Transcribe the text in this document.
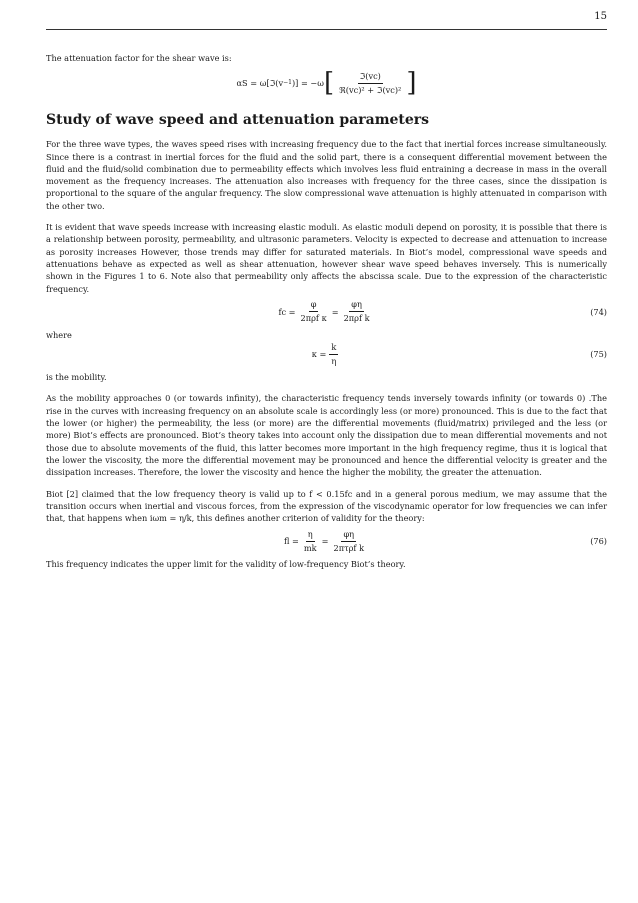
15

The attenuation factor for the shear wave is:

αS = ω[ℑ(v −1 )] = −ω [ $\frac{\text{ℑ(vc)}}{\text{ℜ(vc)² + ℑ(vc)²}}$ ]
Study of wave speed and attenuation parameters

For the three wave types, the waves speed rises with increasing frequency due to the fact that inertial forces increase simultaneously. Since there is a contrast in inertial forces for the fluid and the solid part, there is a consequent differential movement between the fluid and the fluid/solid combination due to permeability effects which involves less fluid entraining a decrease in mass in the overall movement as the frequency increases. The attenuation also increases with frequency for the three cases, since the dissipation is proportional to the square of the angular frequency. The slow compressional wave attenuation is highly attenuated in comparison with the other two.

It is evident that wave speeds increase with increasing elastic moduli. As elastic moduli depend on porosity, it is possible that there is a relationship between porosity, permeability, and ultrasonic parameters. Velocity is expected to decrease and attenuation to increase as porosity increases However, those trends may differ for saturated materials. In Biot’s model, compressional wave speeds and attenuations behave as expected as well as shear attenuation, however shear wave speed behaves inversely. This is numerically shown in the Figures 1 to 6. Note also that permeability only affects the abscissa scale. Due to the expression of the characteristic frequency.

fc = $\frac{\varphi}{\text{2πρf κ}} = \frac{\varphi\eta}{\text{2πρf k}}$	(74)

where

$\kappa = \frac{k}{\eta}$	(75)

is the mobility.

As the mobility approaches 0 (or towards infinity), the characteristic frequency tends inversely towards infinity (or towards 0) .The rise in the curves with increasing frequency on an absolute scale is accordingly less (or more) pronounced. This is due to the fact that the lower (or higher) the permeability, the less (or more) are the differential movements (fluid/matrix) privileged and the less (or more) Biot’s effects are pronounced. Biot’s theory takes into account only the dissipation due to mean differential movements and not those due to absolute movements of the fluid, this latter becomes more important in the high frequency regime, thus it is logical that the lower the viscosity, the more the differential movement may be pronounced and hence the differential velocity is greater and the dissipation increases. Therefore, the lower the viscosity and hence the higher the mobility, the greater the attenuation.

Biot [2] claimed that the low frequency theory is valid up to f < 0.15fc and in a general porous medium, we may assume that the transition occurs when inertial and viscous forces, from the expression of the viscodynamic operator for low frequencies we can infer that, that happens when iωm = η/k, this defines another criterion of validity for the theory:

fl = $\frac{\eta}{mk} = \frac{\varphi\eta}{\text{2πτρf k}}$	(76)

This frequency indicates the upper limit for the validity of low-frequency Biot’s theory.
